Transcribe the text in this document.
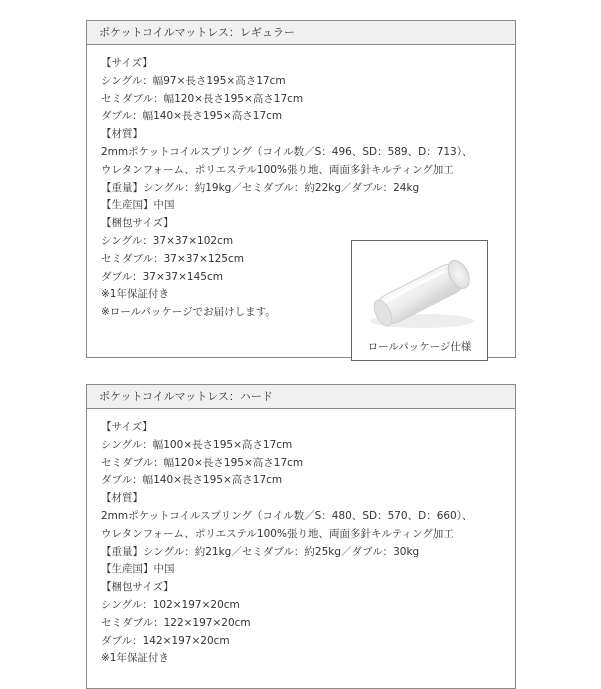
ポケットコイルマットレス：レギュラー
【サイズ】
シングル：幅97×長さ195×高さ17cm
セミダブル：幅120×長さ195×高さ17cm
ダブル：幅140×長さ195×高さ17cm
【材質】
2mmポケットコイルスプリング（コイル数／S：496、SD：589、D：713）、
ウレタンフォーム、ポリエステル100%張り地、両面多針キルティング加工
【重量】シングル：約19kg／セミダブル：約22kg／ダブル：24kg
【生産国】中国
【梱包サイズ】
シングル：37×37×102cm
セミダブル：37×37×125cm
ダブル：37×37×145cm
※1年保証付き
※ロールパッケージでお届けします。
ロールパッケージ仕様
ポケットコイルマットレス：ハード
【サイズ】
シングル：幅100×長さ195×高さ17cm
セミダブル：幅120×長さ195×高さ17cm
ダブル：幅140×長さ195×高さ17cm
【材質】
2mmポケットコイルスプリング（コイル数／S：480、SD：570、D：660）、
ウレタンフォーム、ポリエステル100%張り地、両面多針キルティング加工
【重量】シングル：約21kg／セミダブル：約25kg／ダブル：30kg
【生産国】中国
【梱包サイズ】
シングル：102×197×20cm
セミダブル：122×197×20cm
ダブル：142×197×20cm
※1年保証付き
